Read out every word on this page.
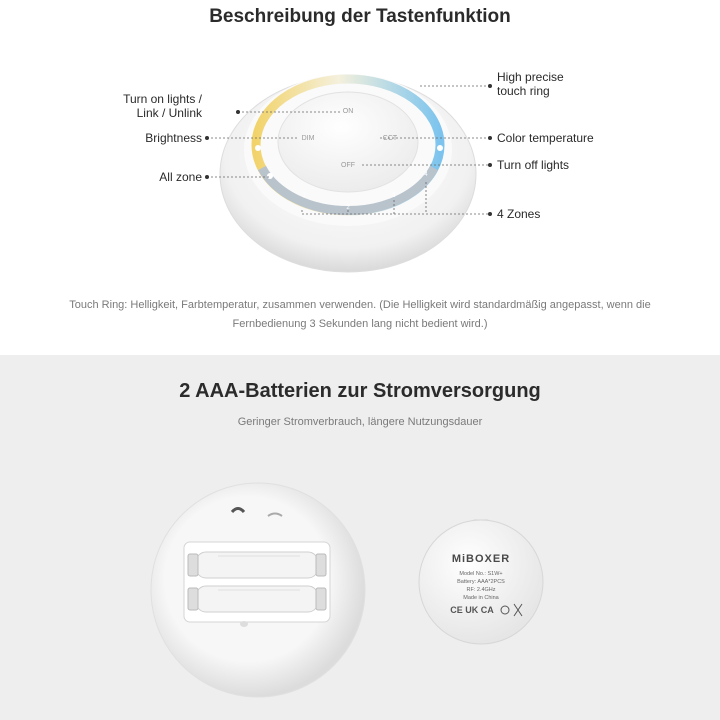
Beschreibung der Tastenfunktion
ON
DIM	CCT
OFF
1
2
3
4
MiBOXER
Model No.: S1W+
Battery: AAA*2PCS
RF: 2.4GHz
Made in China
CE UK CA
Turn on lights /
Link / Unlink
Brightness
All zone
High precise
touch ring
Color temperature
Turn off lights
4 Zones
Touch Ring: Helligkeit, Farbtemperatur, zusammen verwenden. (Die Helligkeit wird standardmäßig angepasst, wenn die
Fernbedienung 3 Sekunden lang nicht bedient wird.)
2 AAA-Batterien zur Stromversorgung
Geringer Stromverbrauch, längere Nutzungsdauer
